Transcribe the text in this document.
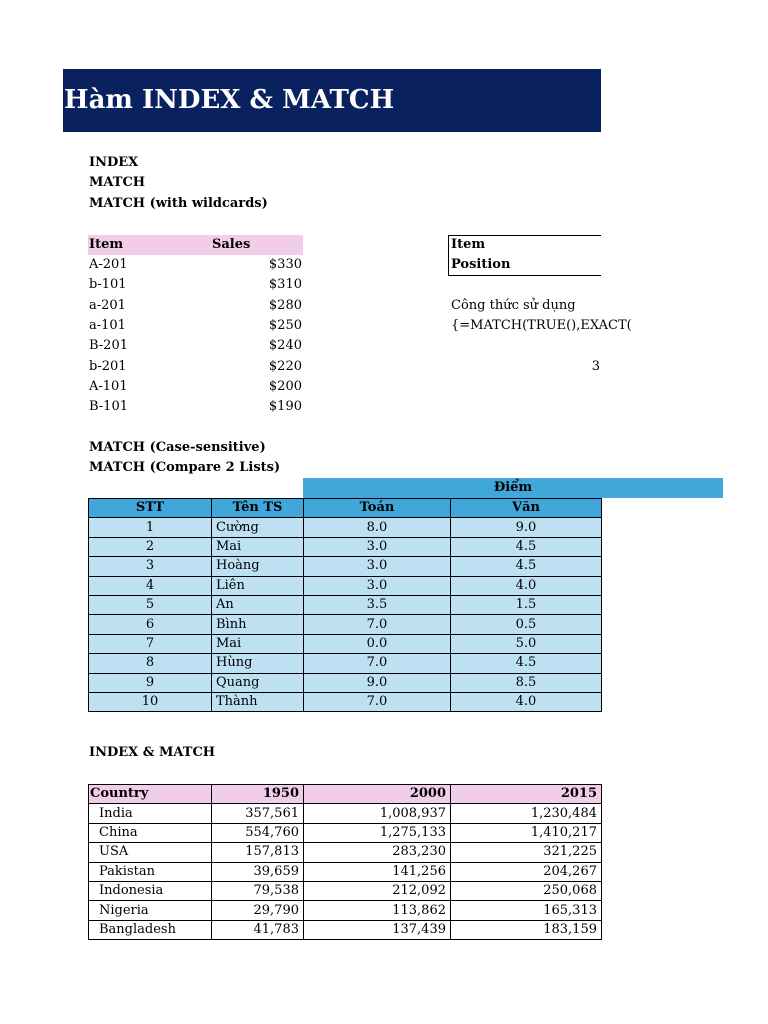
Hàm INDEX & MATCH
INDEX
MATCH
MATCH (with wildcards)
Item	Sales
A-201	$330
b-101	$310
a-201	$280
a-101	$250
B-201	$240
b-201	$220
A-101	$200
B-101	$190
Item
Position
Công thức sử dụng
{=MATCH(TRUE(),EXACT(
3
MATCH (Case-sensitive)
MATCH (Compare 2 Lists)
Điểm
STT	Tên TS	Toán	Văn
1	Cường	8.0	9.0
2	Mai	3.0	4.5
3	Hoàng	3.0	4.5
4	Liên	3.0	4.0
5	An	3.5	1.5
6	Bình	7.0	0.5
7	Mai	0.0	5.0
8	Hùng	7.0	4.5
9	Quang	9.0	8.5
10	Thành	7.0	4.0
INDEX & MATCH
Country	1950	2000	2015
India	357,561	1,008,937	1,230,484
China	554,760	1,275,133	1,410,217
USA	157,813	283,230	321,225
Pakistan	39,659	141,256	204,267
Indonesia	79,538	212,092	250,068
Nigeria	29,790	113,862	165,313
Bangladesh	41,783	137,439	183,159
